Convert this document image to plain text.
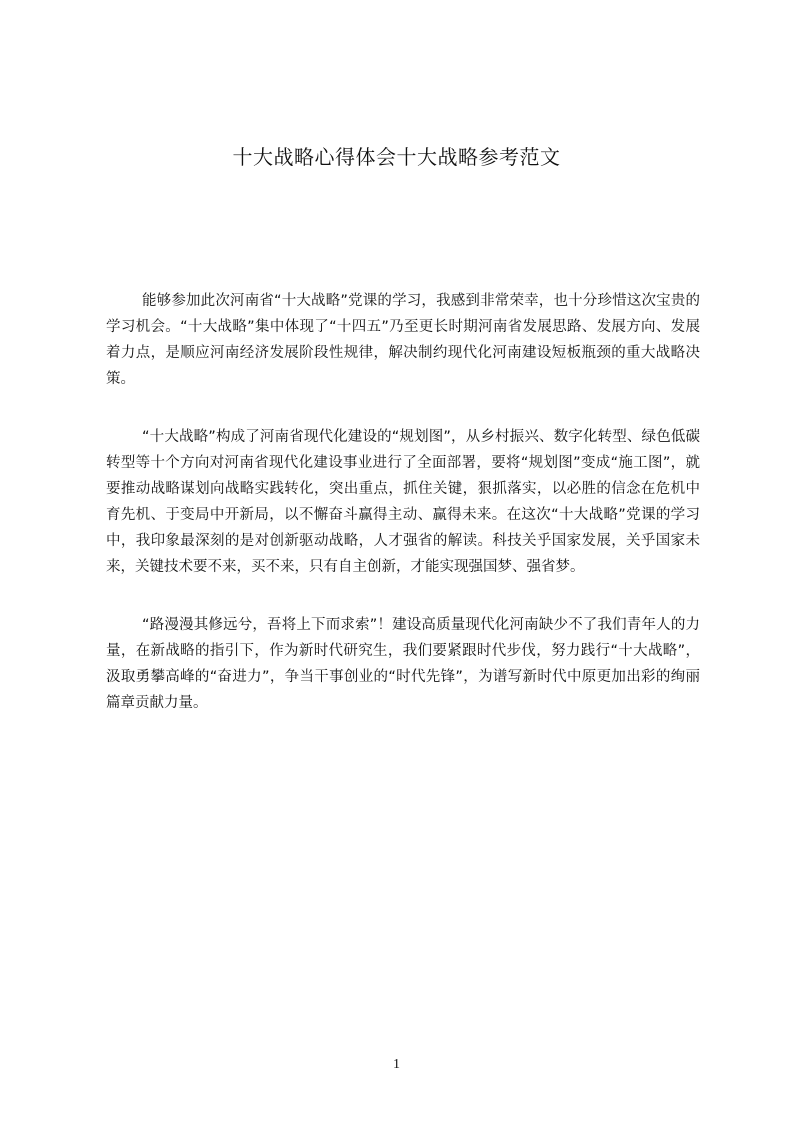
十大战略心得体会十大战略参考范文

能够参加此次河南省“十大战略”党课的学习，我感到非常荣幸，也十分珍惜这次宝贵的学习机会。“十大战略”集中体现了“十四五”乃至更长时期河南省发展思路、发展方向、发展着力点，是顺应河南经济发展阶段性规律，解决制约现代化河南建设短板瓶颈的重大战略决策。

“十大战略”构成了河南省现代化建设的“规划图”，从乡村振兴、数字化转型、绿色低碳转型等十个方向对河南省现代化建设事业进行了全面部署，要将“规划图”变成“施工图”，就要推动战略谋划向战略实践转化，突出重点，抓住关键，狠抓落实，以必胜的信念在危机中育先机、于变局中开新局，以不懈奋斗赢得主动、赢得未来。在这次“十大战略”党课的学习中，我印象最深刻的是对创新驱动战略，人才强省的解读。科技关乎国家发展，关乎国家未来，关键技术要不来，买不来，只有自主创新，才能实现强国梦、强省梦。

“路漫漫其修远兮，吾将上下而求索”！建设高质量现代化河南缺少不了我们青年人的力量，在新战略的指引下，作为新时代研究生，我们要紧跟时代步伐，努力践行“十大战略”，汲取勇攀高峰的“奋进力”，争当干事创业的“时代先锋”，为谱写新时代中原更加出彩的绚丽篇章贡献力量。

1
